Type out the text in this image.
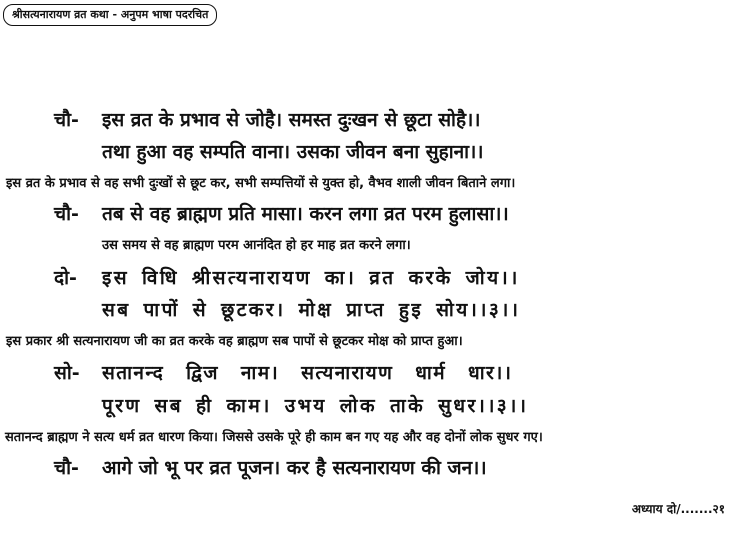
श्रीसत्यनारायण व्रत कथा - अनुपम भाषा पदरचित
चौ-	इस व्रत के प्रभाव से जोहै। समस्त दुःखन से छूटा सोहै।।
तथा हुआ वह सम्पति वाना। उसका जीवन बना सुहाना।।
इस व्रत के प्रभाव से वह सभी दुःखों से छूट कर, सभी सम्पत्तियों से युक्त हो, वैभव शाली जीवन बिताने लगा।
चौ-	तब से वह ब्राह्मण प्रति मासा। करन लगा व्रत परम हुलासा।।
उस समय से वह ब्राह्मण परम आनंदित हो हर माह व्रत करने लगा।
दो-	इस विधि श्रीसत्यनारायण का। व्रत करके जोय।।
सब पापों से छूटकर। मोक्ष प्राप्त हुइ सोय।।३।।
इस प्रकार श्री सत्यनारायण जी का व्रत करके वह ब्राह्मण सब पापों से छूटकर मोक्ष को प्राप्त हुआ।
सो-	सतानन्द द्विज नाम। सत्यनारायण धार्म धार।।
पूरण सब ही काम। उभय लोक ताके सुधर।।३।।
सतानन्द ब्राह्मण ने सत्य धर्म व्रत धारण किया। जिससे उसके पूरे ही काम बन गए यह और वह दोनों लोक सुधर गए।
चौ-	आगे जो भू पर व्रत पूजन। कर है सत्यनारायण की जन।।
अध्याय दो/.......२१
